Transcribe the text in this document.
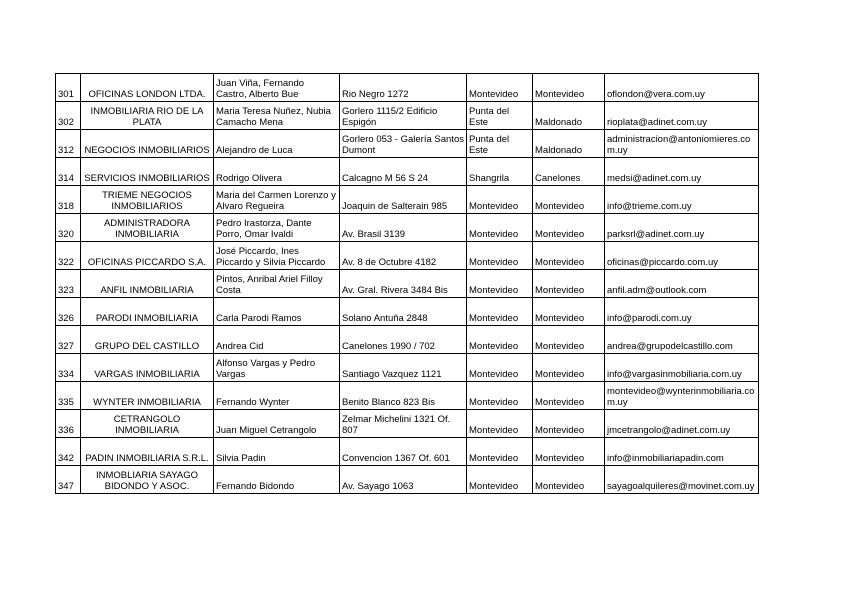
301	OFICINAS LONDON LTDA.	Juan Viña, Fernando Castro, Alberto Bue	Rio Negro 1272	Montevideo	Montevideo	oflondon@vera.com.uy
302	INMOBILIARIA RIO DE LA PLATA	Maria Teresa Nuñez, Nubia Camacho Mena	Gorlero 1115/2 Edificio Espigón	Punta del Este	Maldonado	rioplata@adinet.com.uy
312	NEGOCIOS INMOBILIARIOS	Alejandro de Luca	Gorlero 053 - Galería Santos Dumont	Punta del Este	Maldonado	administracion@antoniomieres.com.uy
314	SERVICIOS INMOBILIARIOS	Rodrigo Olivera	Calcagno M 56 S 24	Shangrila	Canelones	medsi@adinet.com.uy
318	TRIEME NEGOCIOS INMOBILIARIOS	Maria del Carmen Lorenzo y Alvaro Regueira	Joaquin de Salterain 985	Montevideo	Montevideo	info@trieme.com.uy
320	ADMINISTRADORA INMOBILIARIA	Pedro Irastorza, Dante Porro, Omar Ivaldi	Av. Brasil 3139	Montevideo	Montevideo	parksrl@adinet.com.uy
322	OFICINAS PICCARDO S.A.	José Piccardo, Ines Piccardo y Silvia Piccardo	Av. 8 de Octubre 4182	Montevideo	Montevideo	oficinas@piccardo.com.uy
323	ANFIL INMOBILIARIA	Pintos, Anribal Ariel Filloy Costa	Av. Gral. Rivera 3484 Bis	Montevideo	Montevideo	anfil.adm@outlook.com
326	PARODI INMOBILIARIA	Carla Parodi Ramos	Solano Antuña 2848	Montevideo	Montevideo	info@parodi.com.uy
327	GRUPO DEL CASTILLO	Andrea Cid	Canelones 1990 / 702	Montevideo	Montevideo	andrea@grupodelcastillo.com
334	VARGAS INMOBILIARIA	Alfonso Vargas y Pedro Vargas	Santiago Vazquez 1121	Montevideo	Montevideo	info@vargasinmobiliaria.com.uy
335	WYNTER INMOBILIARIA	Fernando Wynter	Benito Blanco 823 Bis	Montevideo	Montevideo	montevideo@wynterinmobiliaria.com.uy
336	CETRANGOLO INMOBILIARIA	Juan Miguel Cetrangolo	Zelmar Michelini 1321 Of. 807	Montevideo	Montevideo	jmcetrangolo@adinet.com.uy
342	PADIN INMOBILIARIA S.R.L.	Silvia Padin	Convencion 1367 Of. 601	Montevideo	Montevideo	info@inmobiliariapadin.com
347	INMOBLIARIA SAYAGO BIDONDO Y ASOC.	Fernando Bidondo	Av. Sayago 1063	Montevideo	Montevideo	sayagoalquileres@movinet.com.uy
